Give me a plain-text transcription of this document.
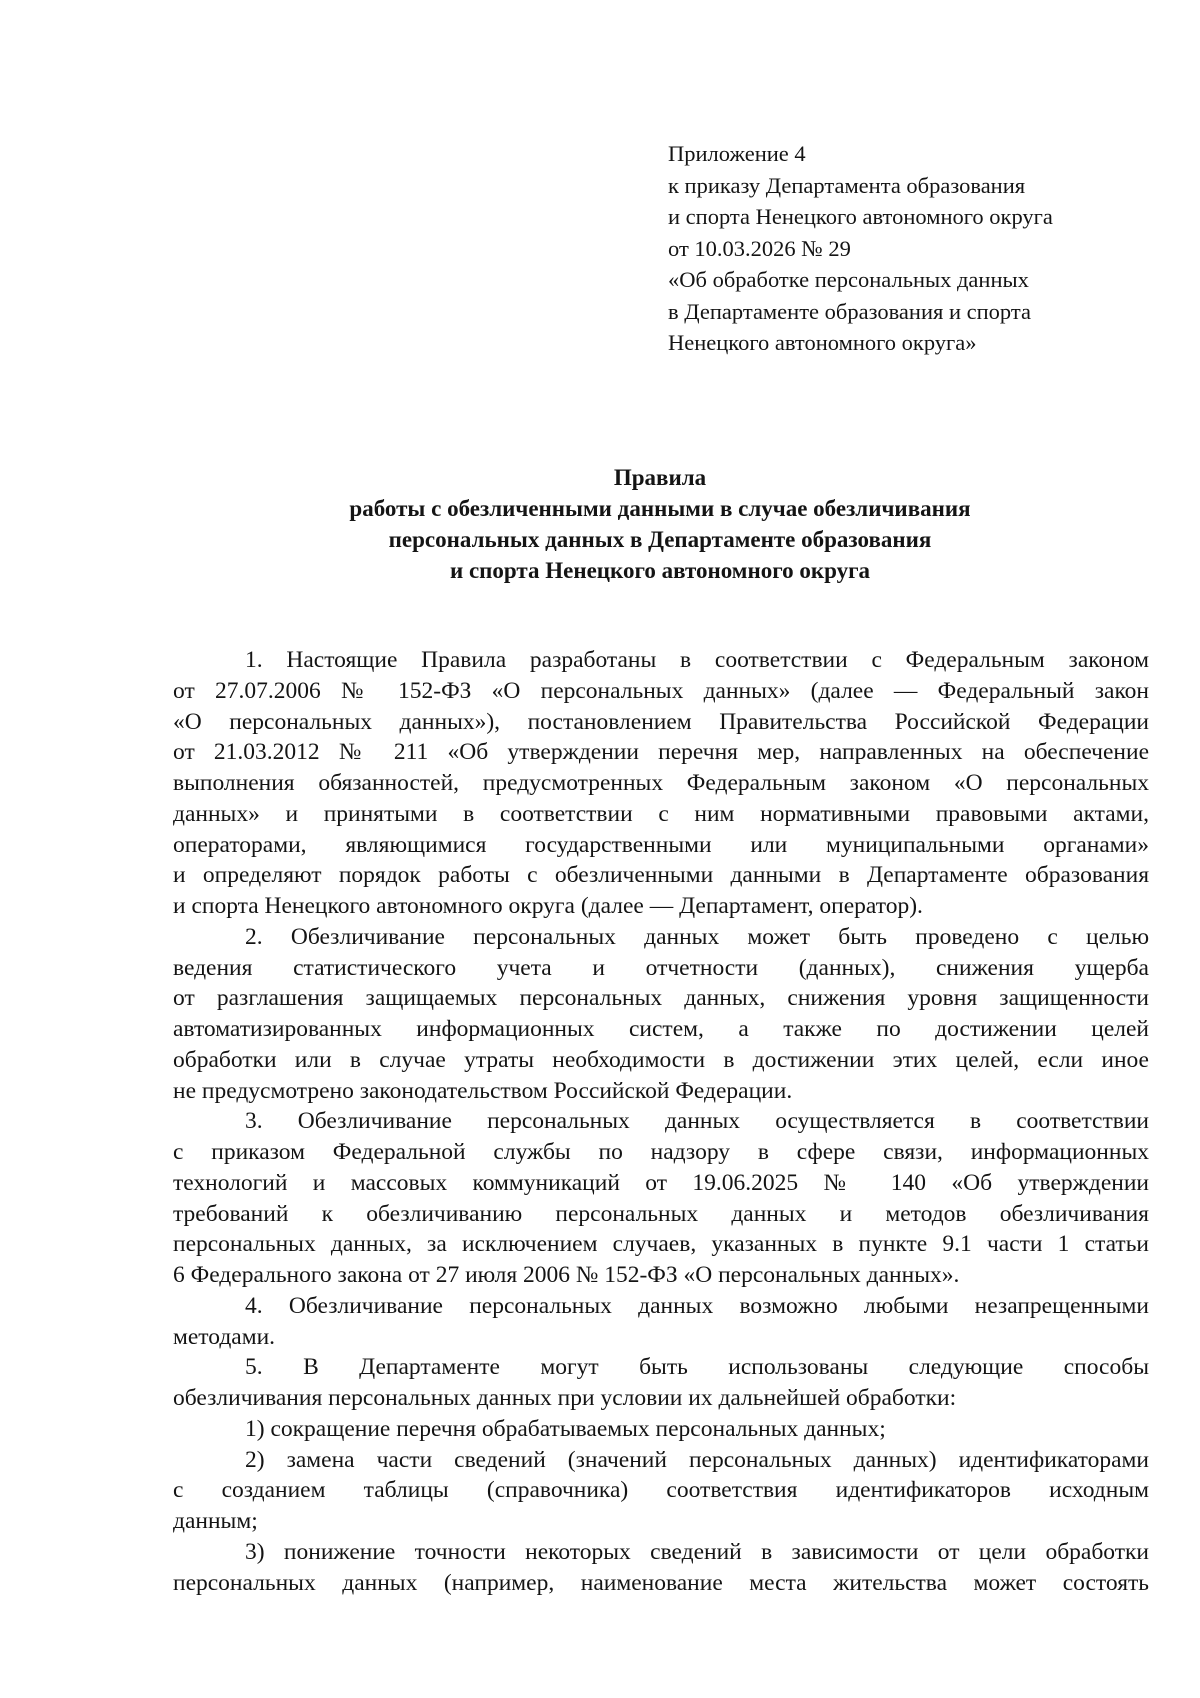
Приложение 4
к приказу Департамента образования
и спорта Ненецкого автономного округа
от 10.03.2026 № 29
«Об обработке персональных данных
в Департаменте образования и спорта
Ненецкого автономного округа»
Правила
работы с обезличенными данными в случае обезличивания
персональных данных в Департаменте образования
и спорта Ненецкого автономного округа
1. Настоящие Правила разработаны в соответствии с Федеральным законом
от 27.07.2006 № 152-ФЗ «О персональных данных» (далее — Федеральный закон
«О персональных данных»), постановлением Правительства Российской Федерации
от 21.03.2012 № 211 «Об утверждении перечня мер, направленных на обеспечение
выполнения обязанностей, предусмотренных Федеральным законом «О персональных
данных» и принятыми в соответствии с ним нормативными правовыми актами,
операторами, являющимися государственными или муниципальными органами»
и определяют порядок работы с обезличенными данными в Департаменте образования
и спорта Ненецкого автономного округа (далее — Департамент, оператор).
2. Обезличивание персональных данных может быть проведено с целью
ведения статистического учета и отчетности (данных), снижения ущерба
от разглашения защищаемых персональных данных, снижения уровня защищенности
автоматизированных информационных систем, а также по достижении целей
обработки или в случае утраты необходимости в достижении этих целей, если иное
не предусмотрено законодательством Российской Федерации.
3. Обезличивание персональных данных осуществляется в соответствии
с приказом Федеральной службы по надзору в сфере связи, информационных
технологий и массовых коммуникаций от 19.06.2025 № 140 «Об утверждении
требований к обезличиванию персональных данных и методов обезличивания
персональных данных, за исключением случаев, указанных в пункте 9.1 части 1 статьи
6 Федерального закона от 27 июля 2006 № 152-ФЗ «О персональных данных».
4. Обезличивание персональных данных возможно любыми незапрещенными
методами.
5. В Департаменте могут быть использованы следующие способы
обезличивания персональных данных при условии их дальнейшей обработки:
1) сокращение перечня обрабатываемых персональных данных;
2) замена части сведений (значений персональных данных) идентификаторами
с созданием таблицы (справочника) соответствия идентификаторов исходным
данным;
3) понижение точности некоторых сведений в зависимости от цели обработки
персональных данных (например, наименование места жительства может состоять
